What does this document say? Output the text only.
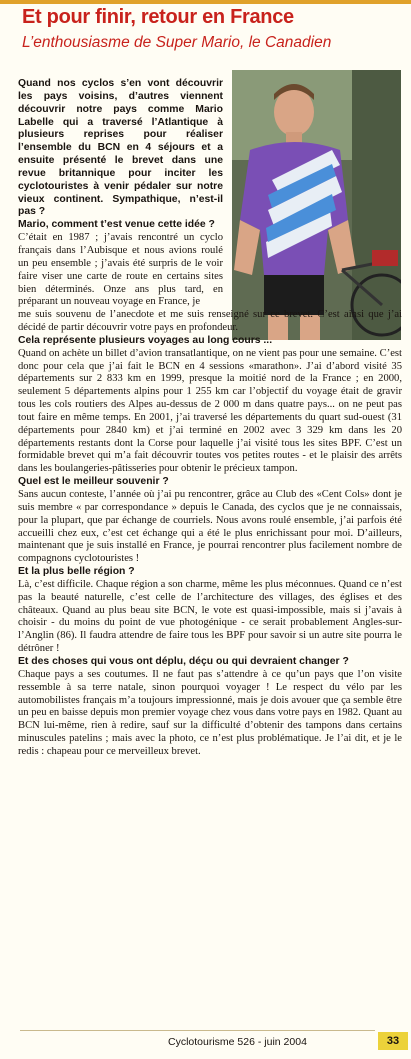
Et pour finir, retour en France

L’enthousiasme de Super Mario, le Canadien

Quand nos cyclos s’en vont découvrir les pays voisins, d’autres viennent découvrir notre pays comme Mario Labelle qui a traversé l’Atlantique à plusieurs reprises pour réaliser l’ensemble du BCN en 4 séjours et a ensuite présenté le brevet dans une revue britannique pour inciter les cyclotouristes à venir pédaler sur notre vieux continent. Sympathique, n’est-il pas ?

Mario, comment t’est venue cette idée ?

C’était en 1987 ; j’avais rencontré un cyclo français dans l’Aubisque et nous avions roulé un peu ensemble ; j’avais été surpris de le voir faire viser une carte de route en certains sites bien déterminés. Onze ans plus tard, en préparant un nouveau voyage en France, je

me suis souvenu de l’anecdote et me suis renseigné sur ce brevet. C’est ainsi que j’ai décidé de partir découvrir votre pays en profondeur.

Cela représente plusieurs voyages au long cours ...

Quand on achète un billet d’avion transatlantique, on ne vient pas pour une semaine. C’est donc pour cela que j’ai fait le BCN en 4 sessions «marathon». J’ai d’abord visité 35 départements sur 2 833 km en 1999, presque la moitié nord de la France ; en 2000, seulement 5 départements alpins pour 1 255 km car l’objectif du voyage était de gravir tous les cols routiers des Alpes au-dessus de 2 000 m dans quatre pays... on ne peut pas tout faire en même temps. En 2001, j’ai traversé les départements du quart sud-ouest (31 départements pour 2840 km) et j’ai terminé en 2002 avec 3 329 km dans les 20 départements restants dont la Corse pour laquelle j’ai visité tous les sites BPF. C’est un formidable brevet qui m’a fait découvrir toutes vos petites routes - et le plaisir des arrêts dans les boulangeries-pâtisseries pour obtenir le précieux tampon.

Quel est le meilleur souvenir ?

Sans aucun conteste, l’année où j’ai pu rencontrer, grâce au Club des «Cent Cols» dont je suis membre « par correspondance » depuis le Canada, des cyclos que je ne connaissais, pour la plupart, que par échange de courriels. Nous avons roulé ensemble, j’ai parfois été accueilli chez eux, c’est cet échange qui a été le plus enrichissant pour moi. D’ailleurs, maintenant que je suis installé en France, je pourrai rencontrer plus facilement nombre de compagnons cyclotouristes !

Et la plus belle région ?

Là, c’est difficile. Chaque région a son charme, même les plus méconnues. Quand ce n’est pas la beauté naturelle, c’est celle de l’architecture des villages, des églises et des châteaux. Quand au plus beau site BCN, le vote est quasi-impossible, mais si j’avais à choisir - du moins du point de vue photogénique - ce serait probablement Angles-sur-l’Anglin (86). Il faudra attendre de faire tous les BPF pour savoir si un autre site pourra le détrôner !

Et des choses qui vous ont déplu, déçu ou qui devraient changer ?

Chaque pays a ses coutumes. Il ne faut pas s’attendre à ce qu’un pays que l’on visite ressemble à sa terre natale, sinon pourquoi voyager ! Le respect du vélo par les automobilistes français m’a toujours impressionné, mais je dois avouer que ça semble être un peu en baisse depuis mon premier voyage chez vous dans votre pays en 1982. Quant au BCN lui-même, rien à redire, sauf sur la difficulté d’obtenir des tampons dans certains minuscules patelins ; mais avec la photo, ce n’est plus problématique. Je l’ai dit, et je le redis : chapeau pour ce merveilleux brevet.

Cyclotourisme 526 - juin 2004	33
